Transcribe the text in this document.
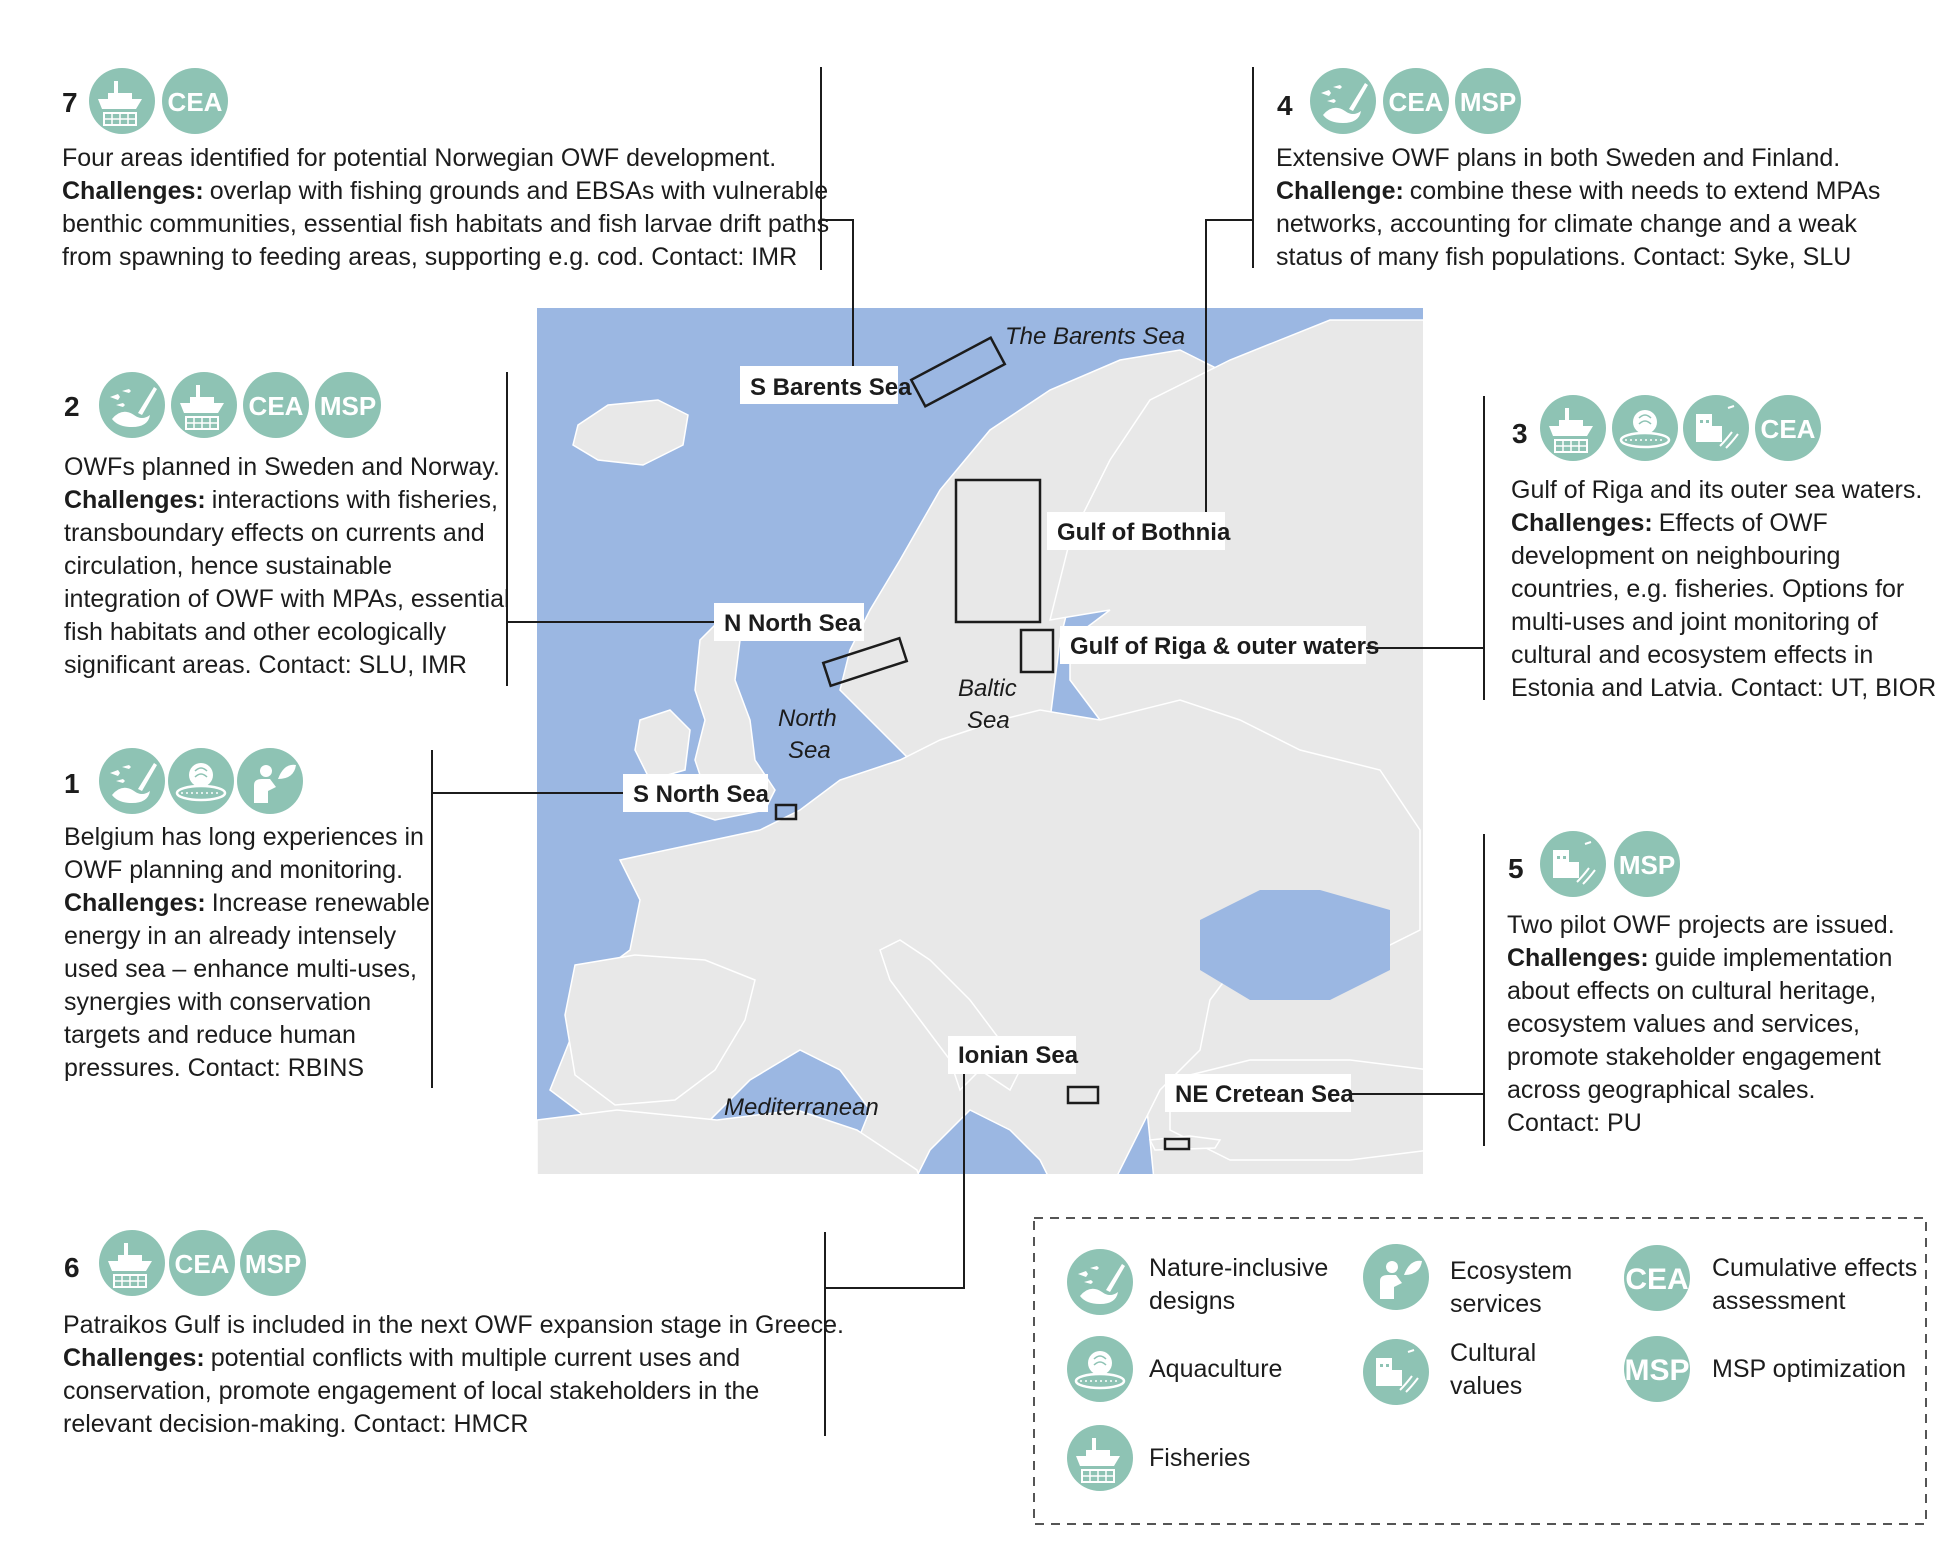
The Barents Sea
North
Sea
Baltic
Sea
Mediterranean
S Barents Sea
Gulf of Bothnia
N North Sea
Gulf of Riga & outer waters
S North Sea
Ionian Sea
NE Cretean Sea
7	CEA
Four areas identified for potential Norwegian OWF development. Challenges: overlap with fishing grounds and EBSAs with vulnerable benthic communities, essential fish habitats and fish larvae drift paths from spawning to feeding areas, supporting e.g. cod. Contact: IMR
4	CEA MSP
Extensive OWF plans in both Sweden and Finland. Challenge: combine these with needs to extend MPAs networks, accounting for climate change and a weak status of many fish populations. Contact: Syke, SLU
2	CEA MSP
OWFs planned in Sweden and Norway. Challenges: interactions with fisheries, transboundary effects on currents and circulation, hence sustainable integration of OWF with MPAs, essential fish habitats and other ecologically significant areas. Contact: SLU, IMR
3	CEA
Gulf of Riga and its outer sea waters. Challenges: Effects of OWF development on neighbouring countries, e.g. fisheries. Options for multi-uses and joint monitoring of cultural and ecosystem effects in Estonia and Latvia. Contact: UT, BIOR
1
Belgium has long experiences in OWF planning and monitoring. Challenges: Increase renewable energy in an already intensely used sea – enhance multi-uses, synergies with conservation targets and reduce human pressures. Contact: RBINS
5	MSP
Two pilot OWF projects are issued. Challenges: guide implementation about effects on cultural heritage, ecosystem values and services, promote stakeholder engagement across geographical scales. Contact: PU
6	CEA MSP
Patraikos Gulf is included in the next OWF expansion stage in Greece. Challenges: potential conflicts with multiple current uses and conservation, promote engagement of local stakeholders in the relevant decision-making. Contact: HMCR
Nature-inclusive
designs
Aquaculture
Fisheries
Ecosystem
services
Cultural
values
CEA Cumulative effects
assessment
MSP MSP optimization
